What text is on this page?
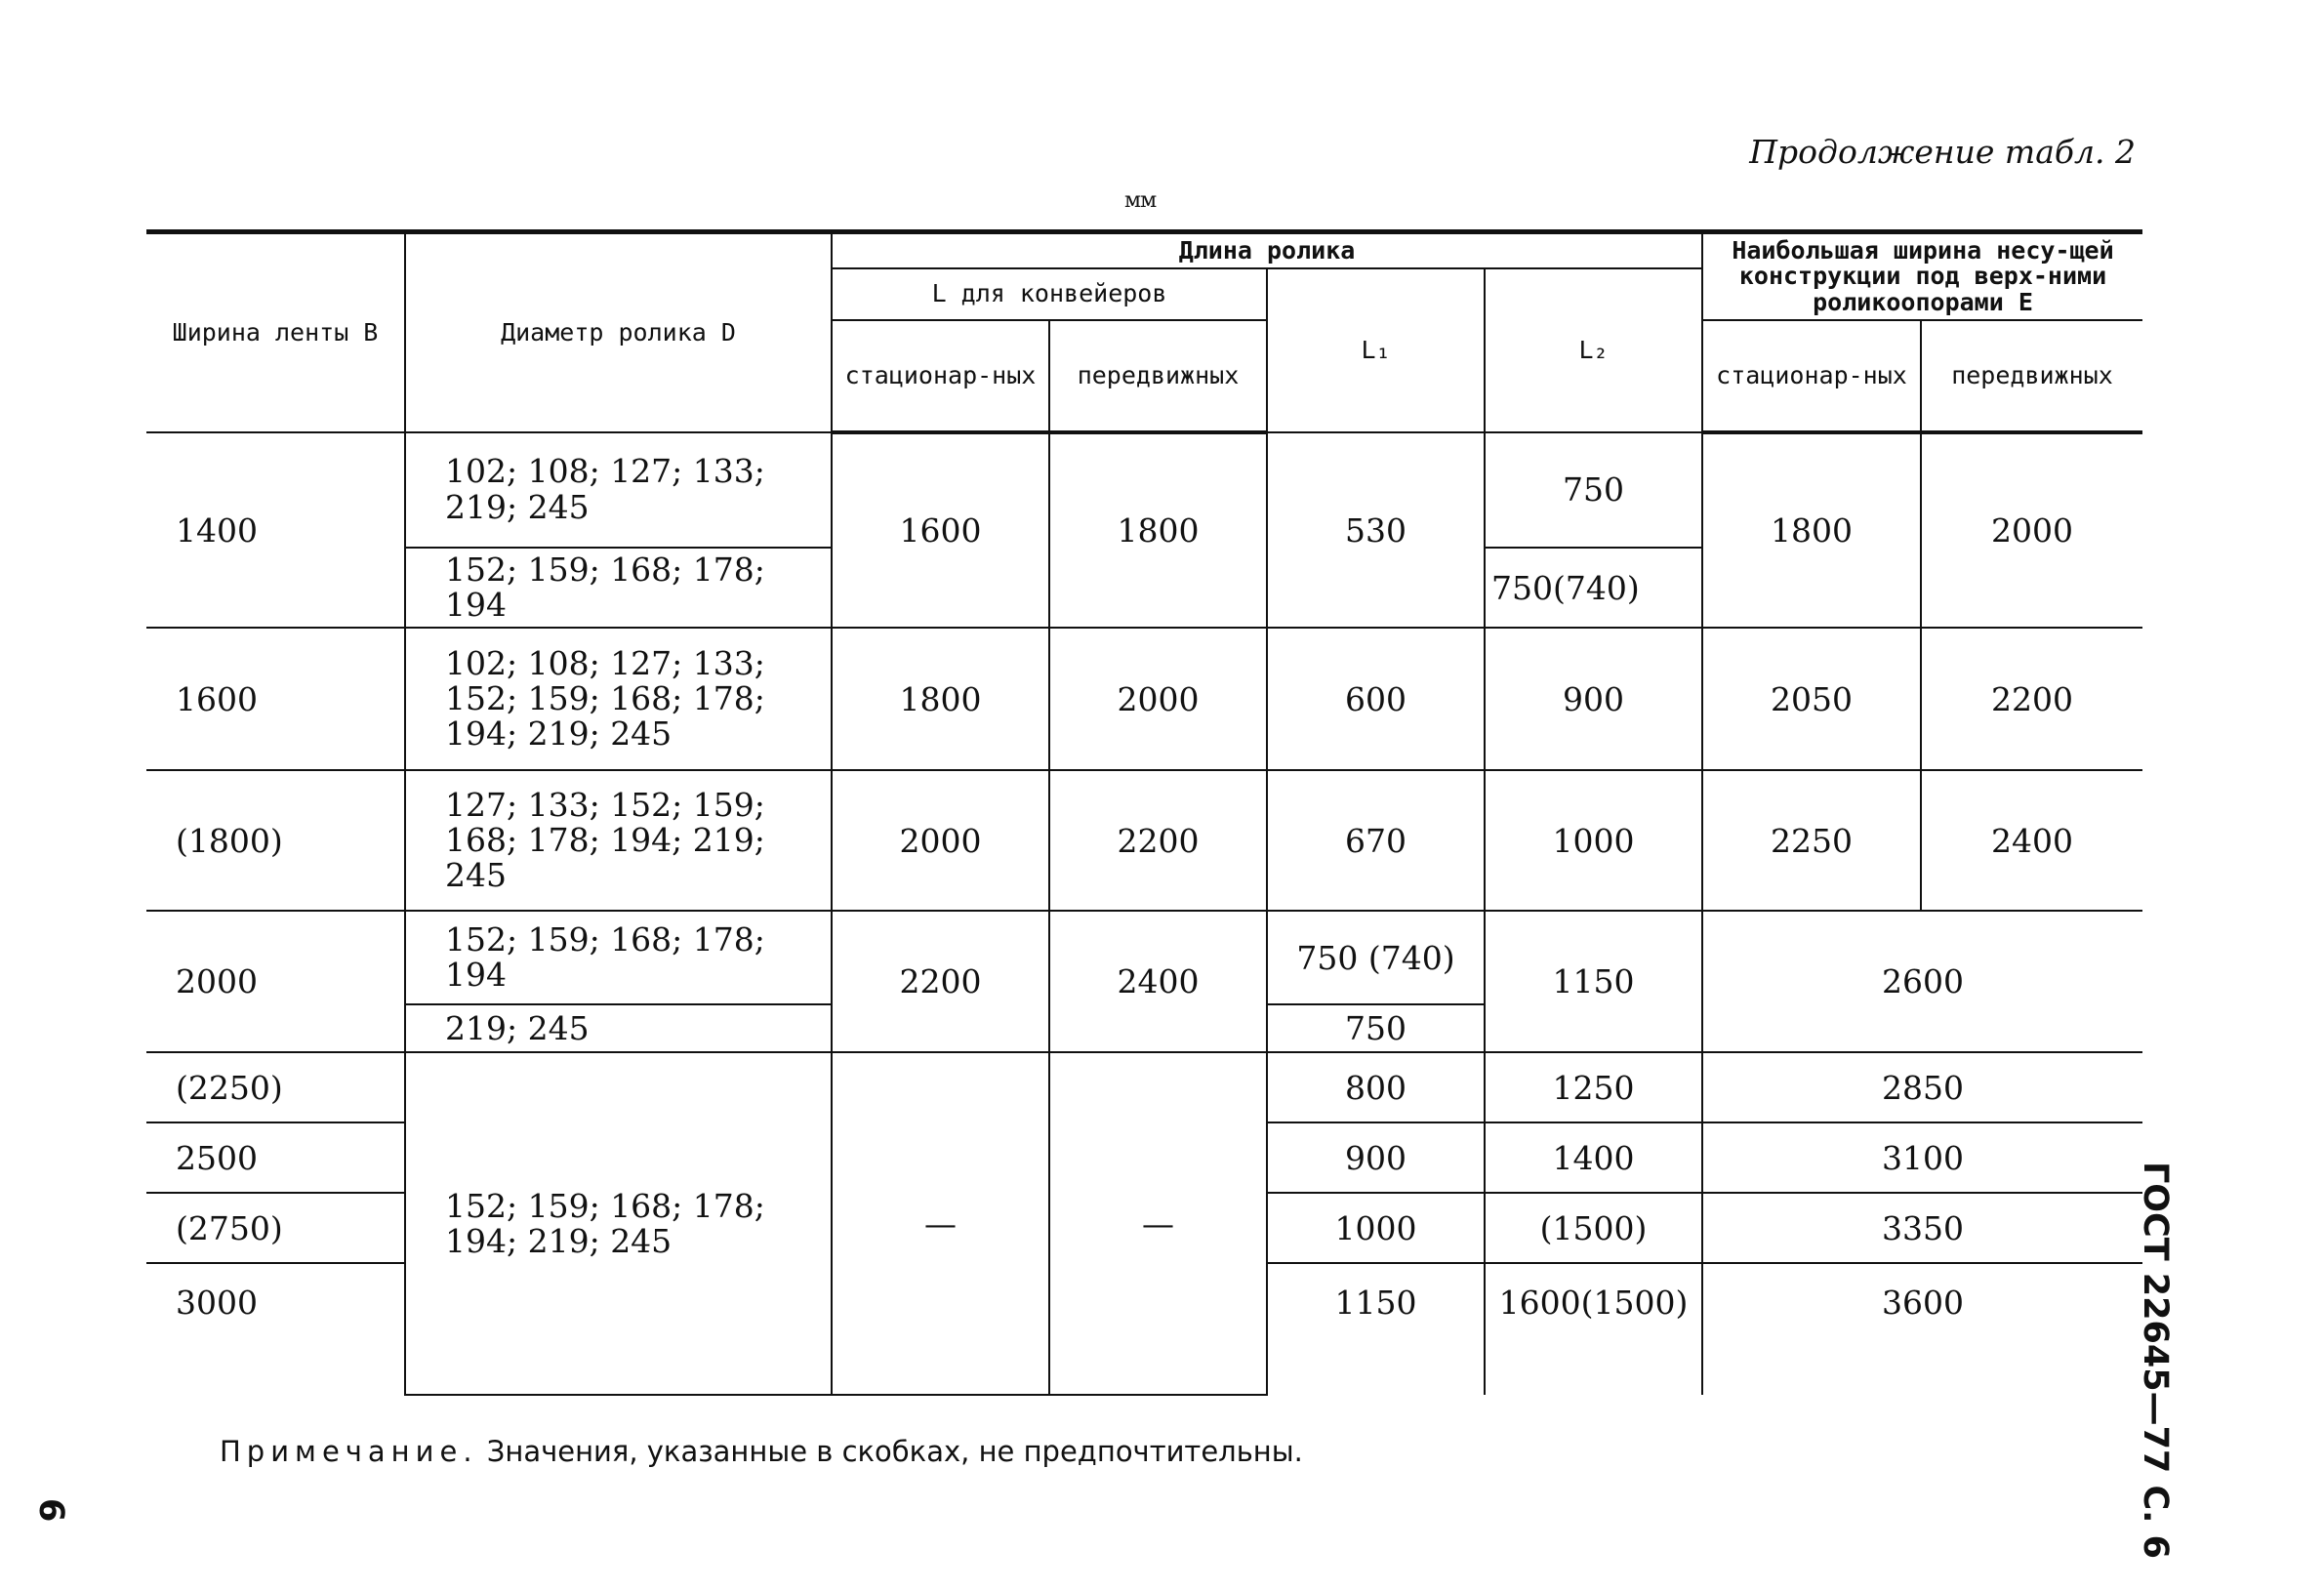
Продолжение табл. 2
мм
Ширина ленты B	Диаметр ролика D	Длина ролика				Наибольшая ширина несу-щей конструкции под верх-ними роликоопорами E	
		L для конвейеров		L₁	L₂		
		стационар-ных	передвижных			стационар-ных	передвижных
1400	102; 108; 127; 133; 219; 245	1600	1800	530	750	1800	2000
	152; 159; 168; 178; 194				750(740)		
1600	102; 108; 127; 133; 152; 159; 168; 178; 194; 219; 245	1800	2000	600	900	2050	2200
(1800)	127; 133; 152; 159; 168; 178; 194; 219; 245	2000	2200	670	1000	2250	2400
2000	152; 159; 168; 178; 194	2200	2400	750 (740)	1150	2600	
	219; 245			750			
(2250)	152; 159; 168; 178; 194; 219; 245	—	—	800	1250	2850	
2500				900	1400	3100	
(2750)				1000	(1500)	3350	
3000				1150	1600(1500)	3600	
Примечание. Значения, указанные в скобках, не предпочтительны.	ГОСТ 22645—77 С. 6
6
